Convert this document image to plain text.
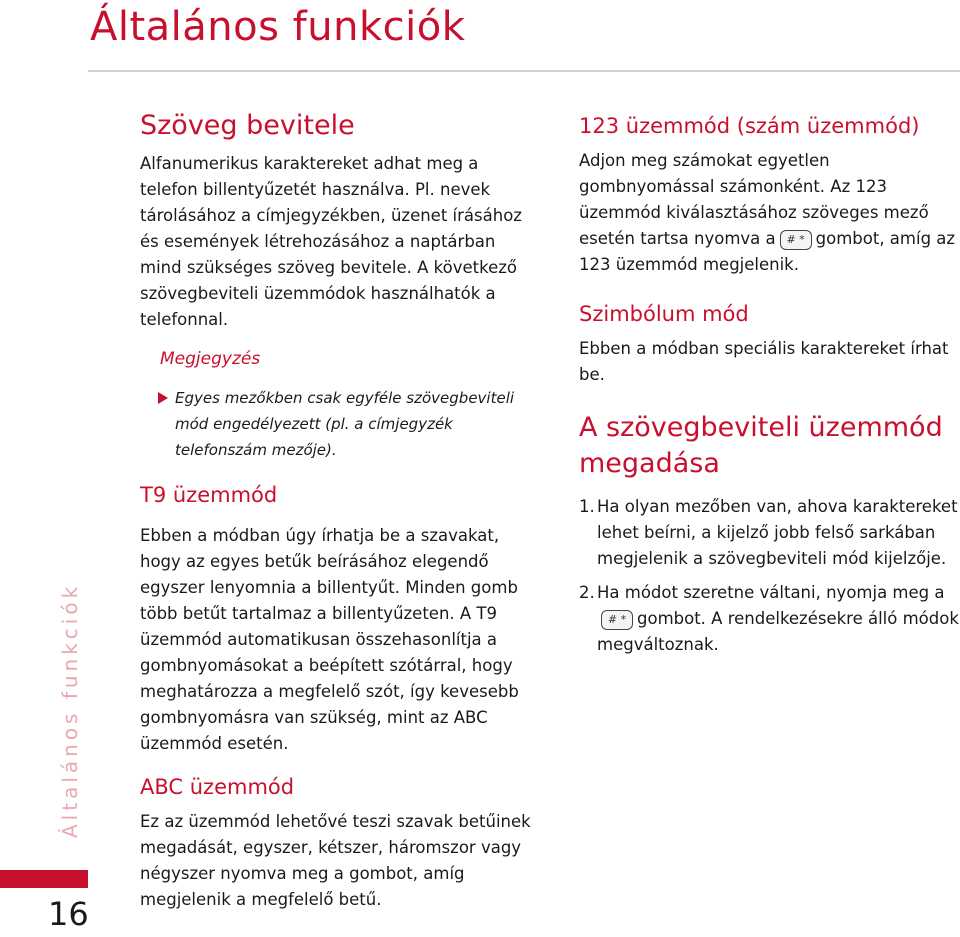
Általános funkciók
Általános funkciók
16
Szöveg bevitele

Alfanumerikus karaktereket adhat meg a telefon billentyűzetét használva. Pl. nevek tárolásához a címjegyzékben, üzenet írásához és események létrehozásához a naptárban mind szükséges szöveg bevitele. A következő szövegbeviteli üzemmódok használhatók a telefonnal.

Megjegyzés

Egyes mezőkben csak egyféle szövegbeviteli mód engedélyezett (pl. a címjegyzék telefonszám mezője).
T9 üzemmód

Ebben a módban úgy írhatja be a szavakat, hogy az egyes betűk beírásához elegendő egyszer lenyomnia a billentyűt. Minden gomb több betűt tartalmaz a billentyűzeten. A T9 üzemmód automatikusan összehasonlítja a gombnyomásokat a beépített szótárral, hogy meghatározza a megfelelő szót, így kevesebb gombnyomásra van szükség, mint az ABC üzemmód esetén.

ABC üzemmód

Ez az üzemmód lehetővé teszi szavak betűinek megadását, egyszer, kétszer, háromszor vagy négyszer nyomva meg a gombot, amíg megjelenik a megfelelő betű.

123 üzemmód (szám üzemmód)

Adjon meg számokat egyetlen gombnyomással számonként. Az 123 üzemmód kiválasztásához szöveges mező esetén tartsa nyomva a # * gombot, amíg az 123 üzemmód megjelenik.

Szimbólum mód

Ebben a módban speciális karaktereket írhat be.

A szövegbeviteli üzemmód megadása
1. Ha olyan mezőben van, ahova karaktereket lehet beírni, a kijelző jobb felső sarkában megjelenik a szövegbeviteli mód kijelzője.
2. Ha módot szeretne váltani, nyomja meg a# * gombot. A rendelkezésekre álló módok megváltoznak.
